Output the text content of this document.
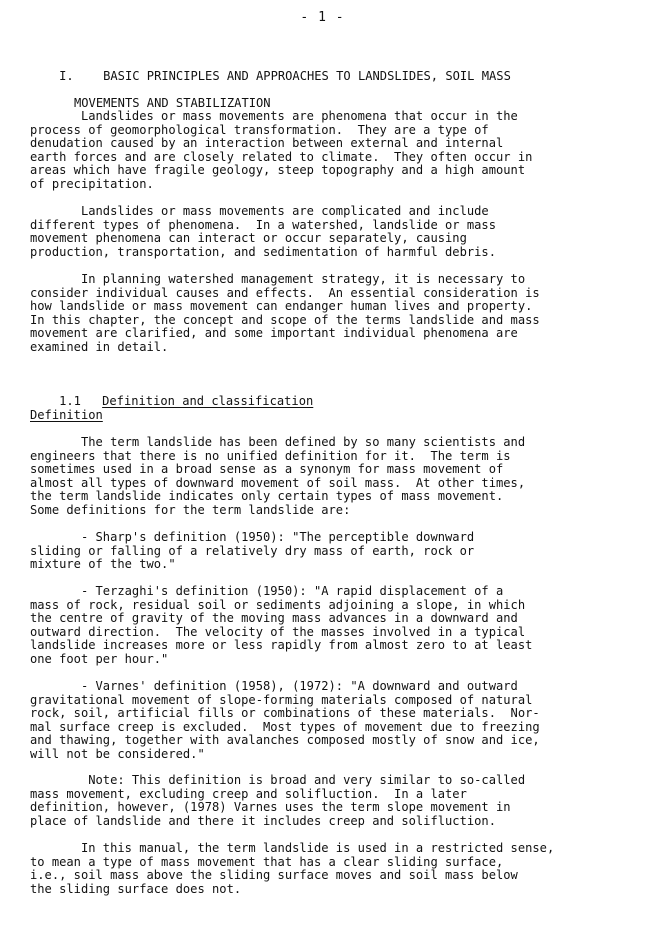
- 1 -

I. BASIC PRINCIPLES AND APPROACHES TO LANDSLIDES, SOIL MASS

MOVEMENTS AND STABILIZATION

Landslides or mass movements are phenomena that occur in the
process of geomorphological transformation.  They are a type of
denudation caused by an interaction between external and internal
earth forces and are closely related to climate.  They often occur in
areas which have fragile geology, steep topography and a high amount
of precipitation.
Landslides or mass movements are complicated and include
different types of phenomena.  In a watershed, landslide or mass
movement phenomena can interact or occur separately, causing
production, transportation, and sedimentation of harmful debris.
In planning watershed management strategy, it is necessary to
consider individual causes and effects.  An essential consideration is
how landslide or mass movement can endanger human lives and property.
In this chapter, the concept and scope of the terms landslide and mass
movement are clarified, and some important individual phenomena are
examined in detail.

1.1 Definition and classification

Definition
The term landslide has been defined by so many scientists and
engineers that there is no unified definition for it.  The term is
sometimes used in a broad sense as a synonym for mass movement of
almost all types of downward movement of soil mass.  At other times,
the term landslide indicates only certain types of mass movement.
Some definitions for the term landslide are:
- Sharp's definition (1950): "The perceptible downward
sliding or falling of a relatively dry mass of earth, rock or
mixture of the two."
- Terzaghi's definition (1950): "A rapid displacement of a
mass of rock, residual soil or sediments adjoining a slope, in which
the centre of gravity of the moving mass advances in a downward and
outward direction.  The velocity of the masses involved in a typical
landslide increases more or less rapidly from almost zero to at least
one foot per hour."
- Varnes' definition (1958), (1972): "A downward and outward
gravitational movement of slope-forming materials composed of natural
rock, soil, artificial fills or combinations of these materials.  Nor-
mal surface creep is excluded.  Most types of movement due to freezing
and thawing, together with avalanches composed mostly of snow and ice,
will not be considered."
Note: This definition is broad and very similar to so-called
mass movement, excluding creep and solifluction.  In a later
definition, however, (1978) Varnes uses the term slope movement in
place of landslide and there it includes creep and solifluction.
In this manual, the term landslide is used in a restricted sense,
to mean a type of mass movement that has a clear sliding surface,
i.e., soil mass above the sliding surface moves and soil mass below
the sliding surface does not.
